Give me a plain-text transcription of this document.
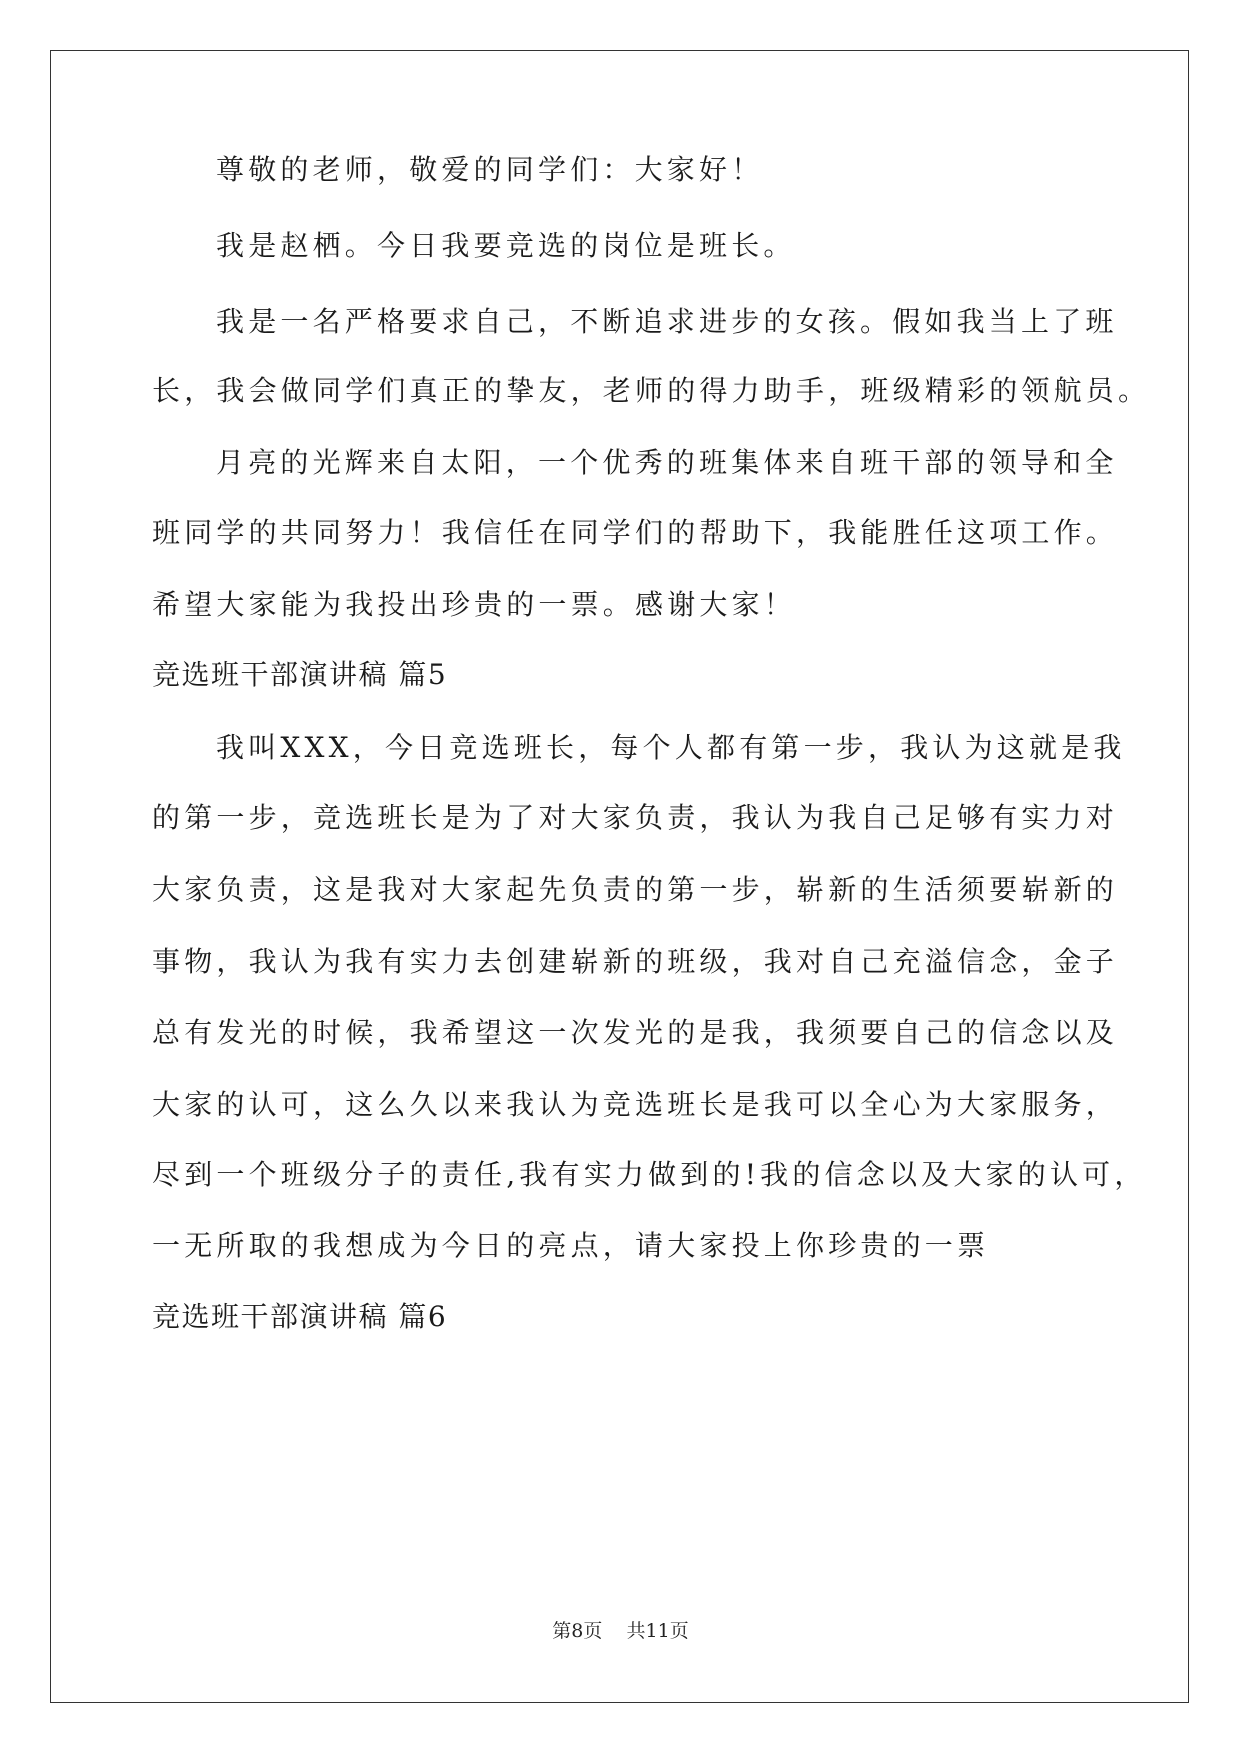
尊敬的老师，敬爱的同学们：大家好！
我是赵栖。今日我要竞选的岗位是班长。
我是一名严格要求自己，不断追求进步的女孩。假如我当上了班
长，我会做同学们真正的挚友，老师的得力助手，班级精彩的领航员。
月亮的光辉来自太阳，一个优秀的班集体来自班干部的领导和全
班同学的共同努力！我信任在同学们的帮助下，我能胜任这项工作。
希望大家能为我投出珍贵的一票。感谢大家！
竞选班干部演讲稿 篇5
我叫XXX，今日竞选班长，每个人都有第一步，我认为这就是我
的第一步，竞选班长是为了对大家负责，我认为我自己足够有实力对
大家负责，这是我对大家起先负责的第一步，崭新的生活须要崭新的
事物，我认为我有实力去创建崭新的班级，我对自己充溢信念，金子
总有发光的时候，我希望这一次发光的是我，我须要自己的信念以及
大家的认可，这么久以来我认为竞选班长是我可以全心为大家服务，
尽到一个班级分子的责任,我有实力做到的!我的信念以及大家的认可，
一无所取的我想成为今日的亮点，请大家投上你珍贵的一票
竞选班干部演讲稿 篇6
第8页    共11页
